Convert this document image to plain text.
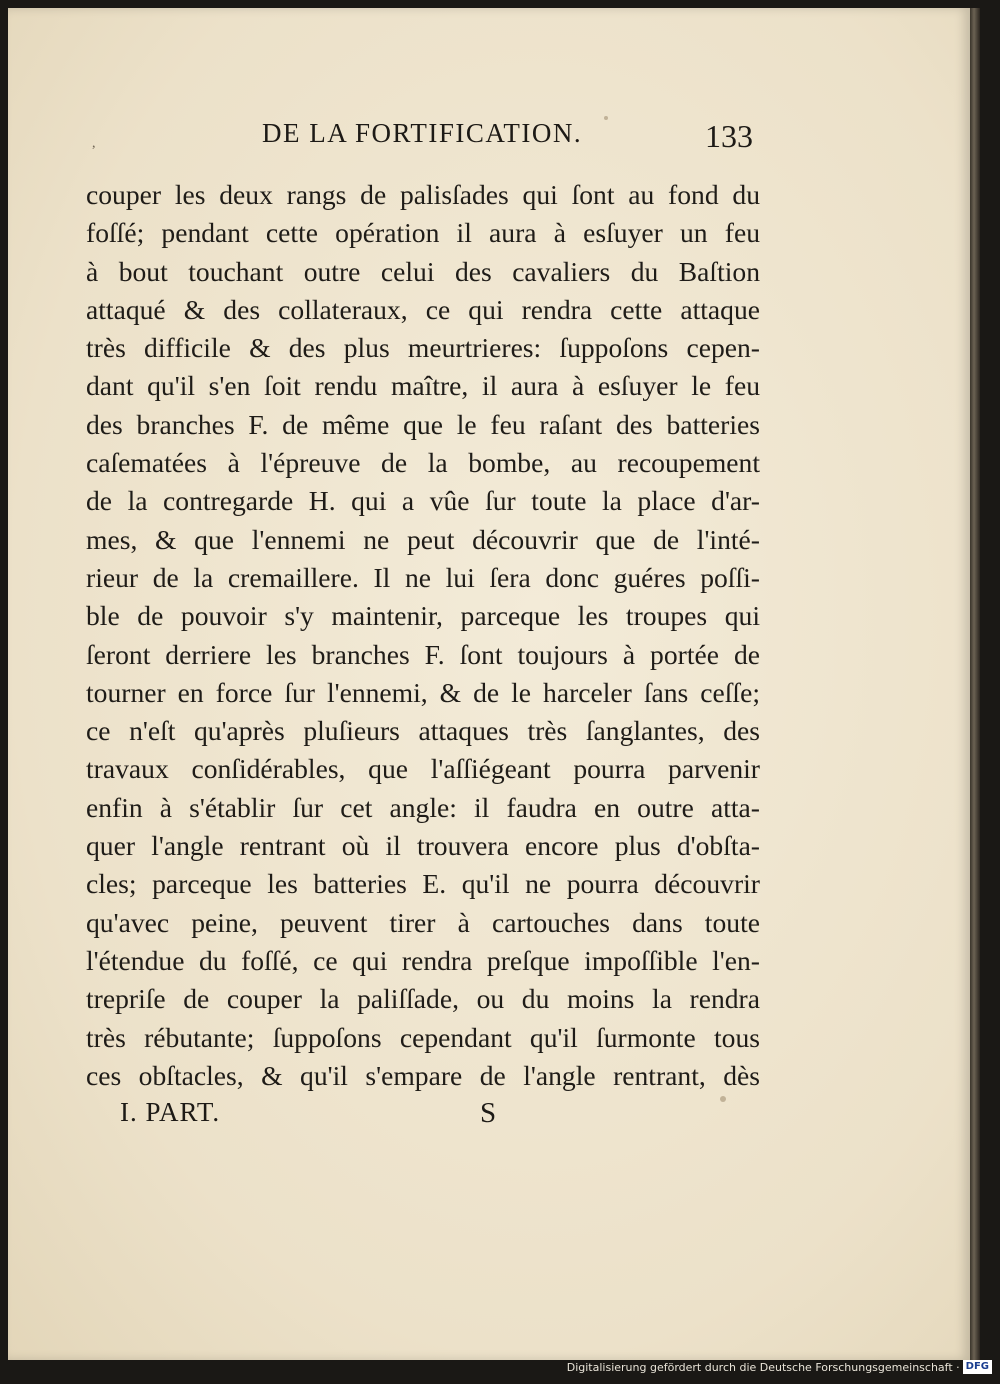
,	DE LA FORTIFICATION.	133
couper les deux rangs de palisſades qui ſont au fond du
foſſé; pendant cette opération il aura à esſuyer un feu
à bout touchant outre celui des cavaliers du Baſtion
attaqué & des collateraux, ce qui rendra cette attaque
très difficile & des plus meurtrieres: ſuppoſons cepen-
dant qu'il s'en ſoit rendu maître, il aura à esſuyer le feu
des branches F. de même que le feu raſant des batteries
caſematées à l'épreuve de la bombe, au recoupement
de la contregarde H. qui a vûe ſur toute la place d'ar-
mes, & que l'ennemi ne peut découvrir que de l'inté-
rieur de la cremaillere. Il ne lui ſera donc guéres poſſi-
ble de pouvoir s'y maintenir, parceque les troupes qui
ſeront derriere les branches F. ſont toujours à portée de
tourner en force ſur l'ennemi, & de le harceler ſans ceſſe;
ce n'eſt qu'après pluſieurs attaques très ſanglantes, des
travaux conſidérables, que l'aſſiégeant pourra parvenir
enfin à s'établir ſur cet angle: il faudra en outre atta-
quer l'angle rentrant où il trouvera encore plus d'obſta-
cles; parceque les batteries E. qu'il ne pourra découvrir
qu'avec peine, peuvent tirer à cartouches dans toute
l'étendue du foſſé, ce qui rendra preſque impoſſible l'en-
trepriſe de couper la paliſſade, ou du moins la rendra
très rébutante; ſuppoſons cependant qu'il ſurmonte tous
ces obſtacles, & qu'il s'empare de l'angle rentrant, dès
I. PART.	S
Digitalisierung gefördert durch die Deutsche Forschungsgemeinschaft · DFG
